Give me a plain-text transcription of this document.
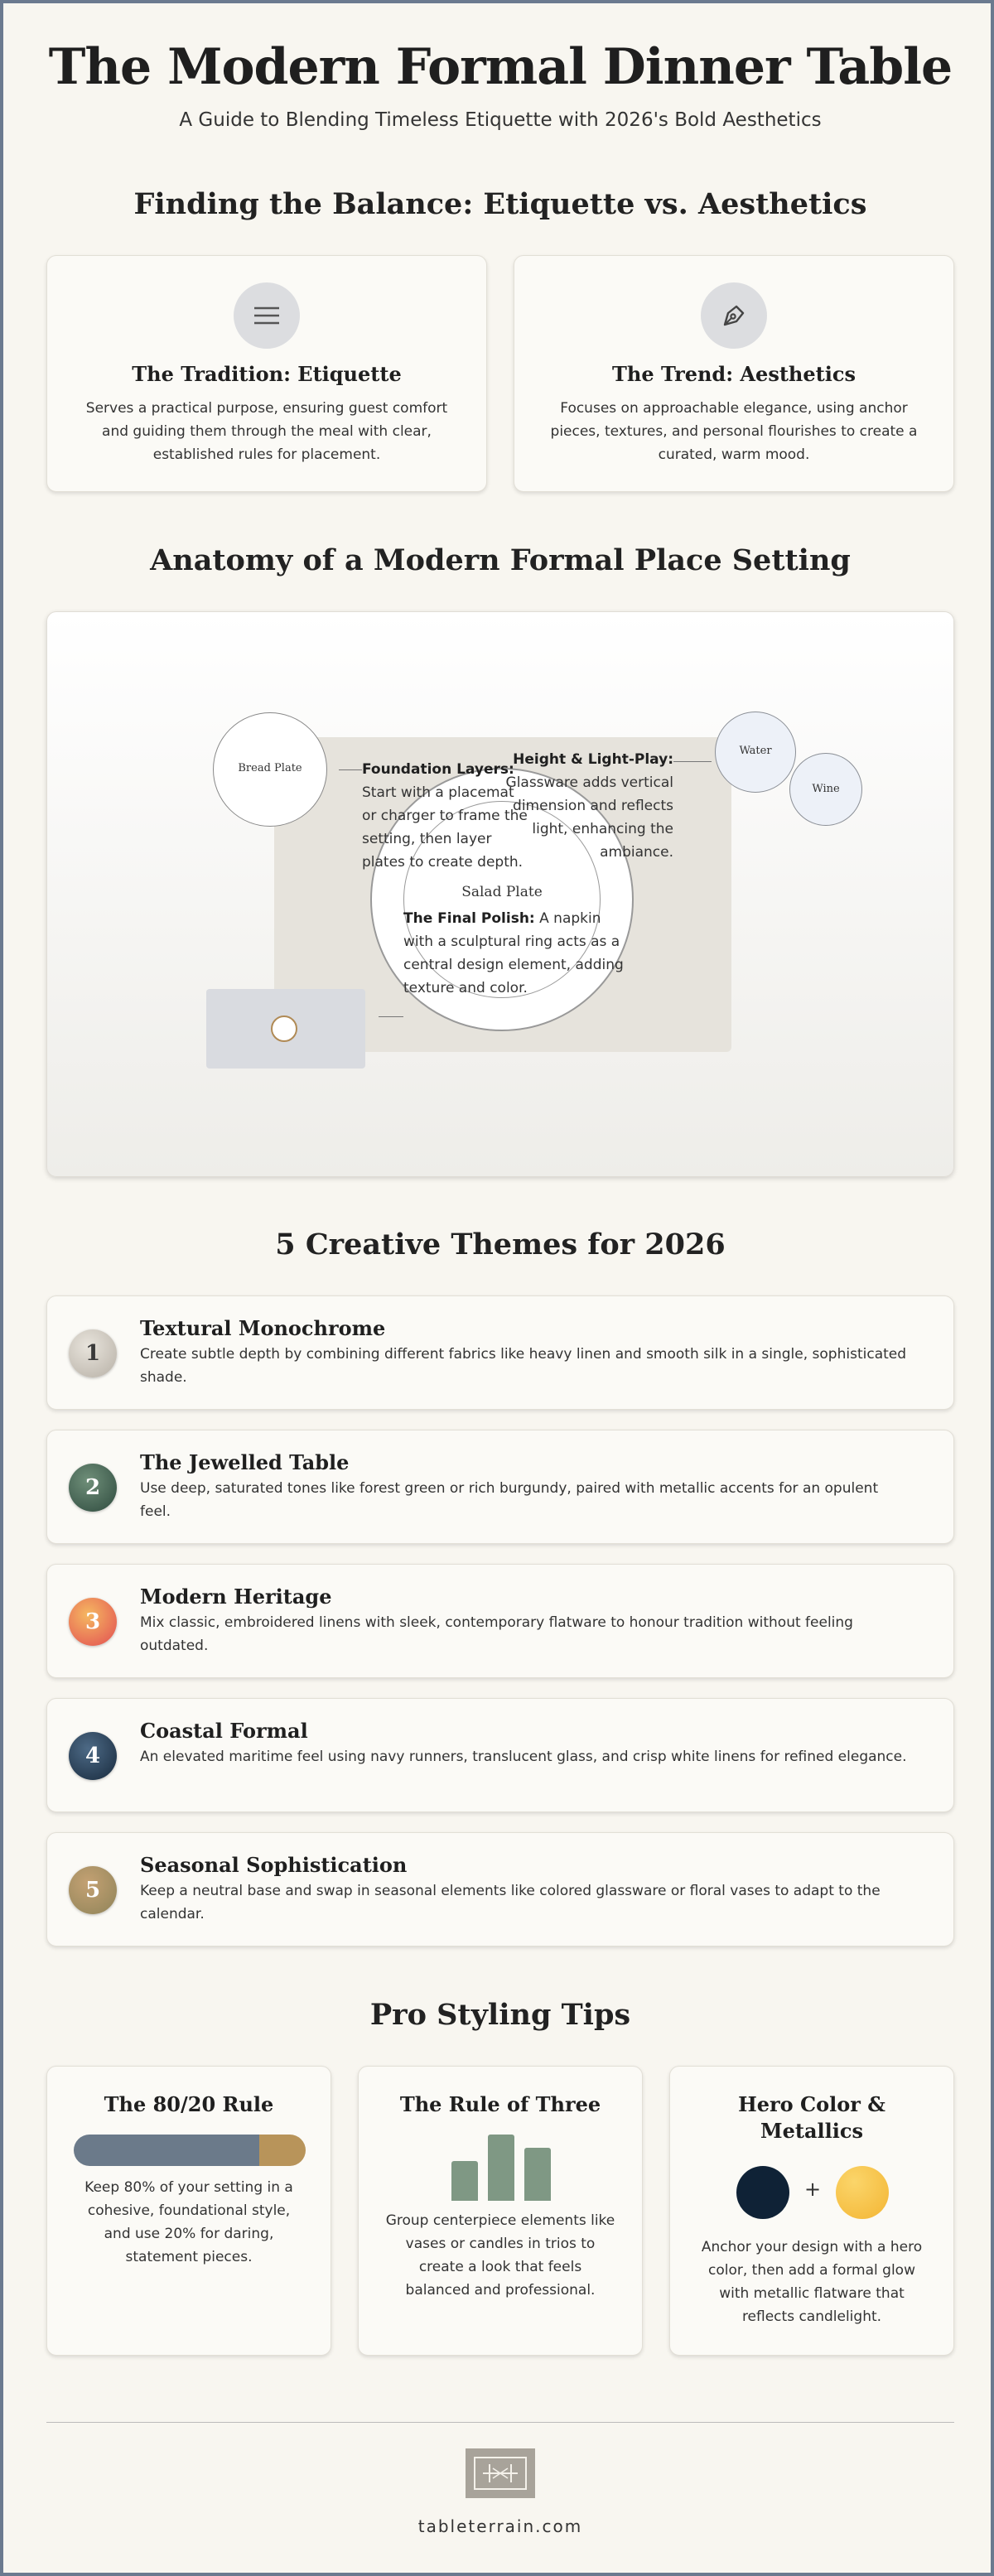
The Modern Formal Dinner Table
A Guide to Blending Timeless Etiquette with 2026's Bold Aesthetics
Finding the Balance: Etiquette vs. Aesthetics
The Tradition: Etiquette
Serves a practical purpose, ensuring guest comfort and guiding them through the meal with clear, established rules for placement.
The Trend: Aesthetics
Focuses on approachable elegance, using anchor pieces, textures, and personal flourishes to create a curated, warm mood.
Anatomy of a Modern Formal Place Setting
Salad Plate
Bread Plate
Water
Wine
Foundation Layers: Start with a placemat or charger to frame the setting, then layer plates to create depth.
Height & Light-Play: Glassware adds vertical dimension and reflects light, enhancing the ambiance.
The Final Polish: A napkin with a sculptural ring acts as a central design element, adding texture and color.
5 Creative Themes for 2026
1
Textural Monochrome
Create subtle depth by combining different fabrics like heavy linen and smooth silk in a single, sophisticated shade.
2
The Jewelled Table
Use deep, saturated tones like forest green or rich burgundy, paired with metallic accents for an opulent feel.
3
Modern Heritage
Mix classic, embroidered linens with sleek, contemporary flatware to honour tradition without feeling outdated.
4
Coastal Formal
An elevated maritime feel using navy runners, translucent glass, and crisp white linens for refined elegance.
5
Seasonal Sophistication
Keep a neutral base and swap in seasonal elements like colored glassware or floral vases to adapt to the calendar.
Pro Styling Tips
The 80/20 Rule
Keep 80% of your setting in a cohesive, foundational style, and use 20% for daring, statement pieces.
The Rule of Three
Group centerpiece elements like vases or candles in trios to create a look that feels balanced and professional.
Hero Color & Metallics
+
Anchor your design with a hero color, then add a formal glow with metallic flatware that reflects candlelight.
tableterrain.com
